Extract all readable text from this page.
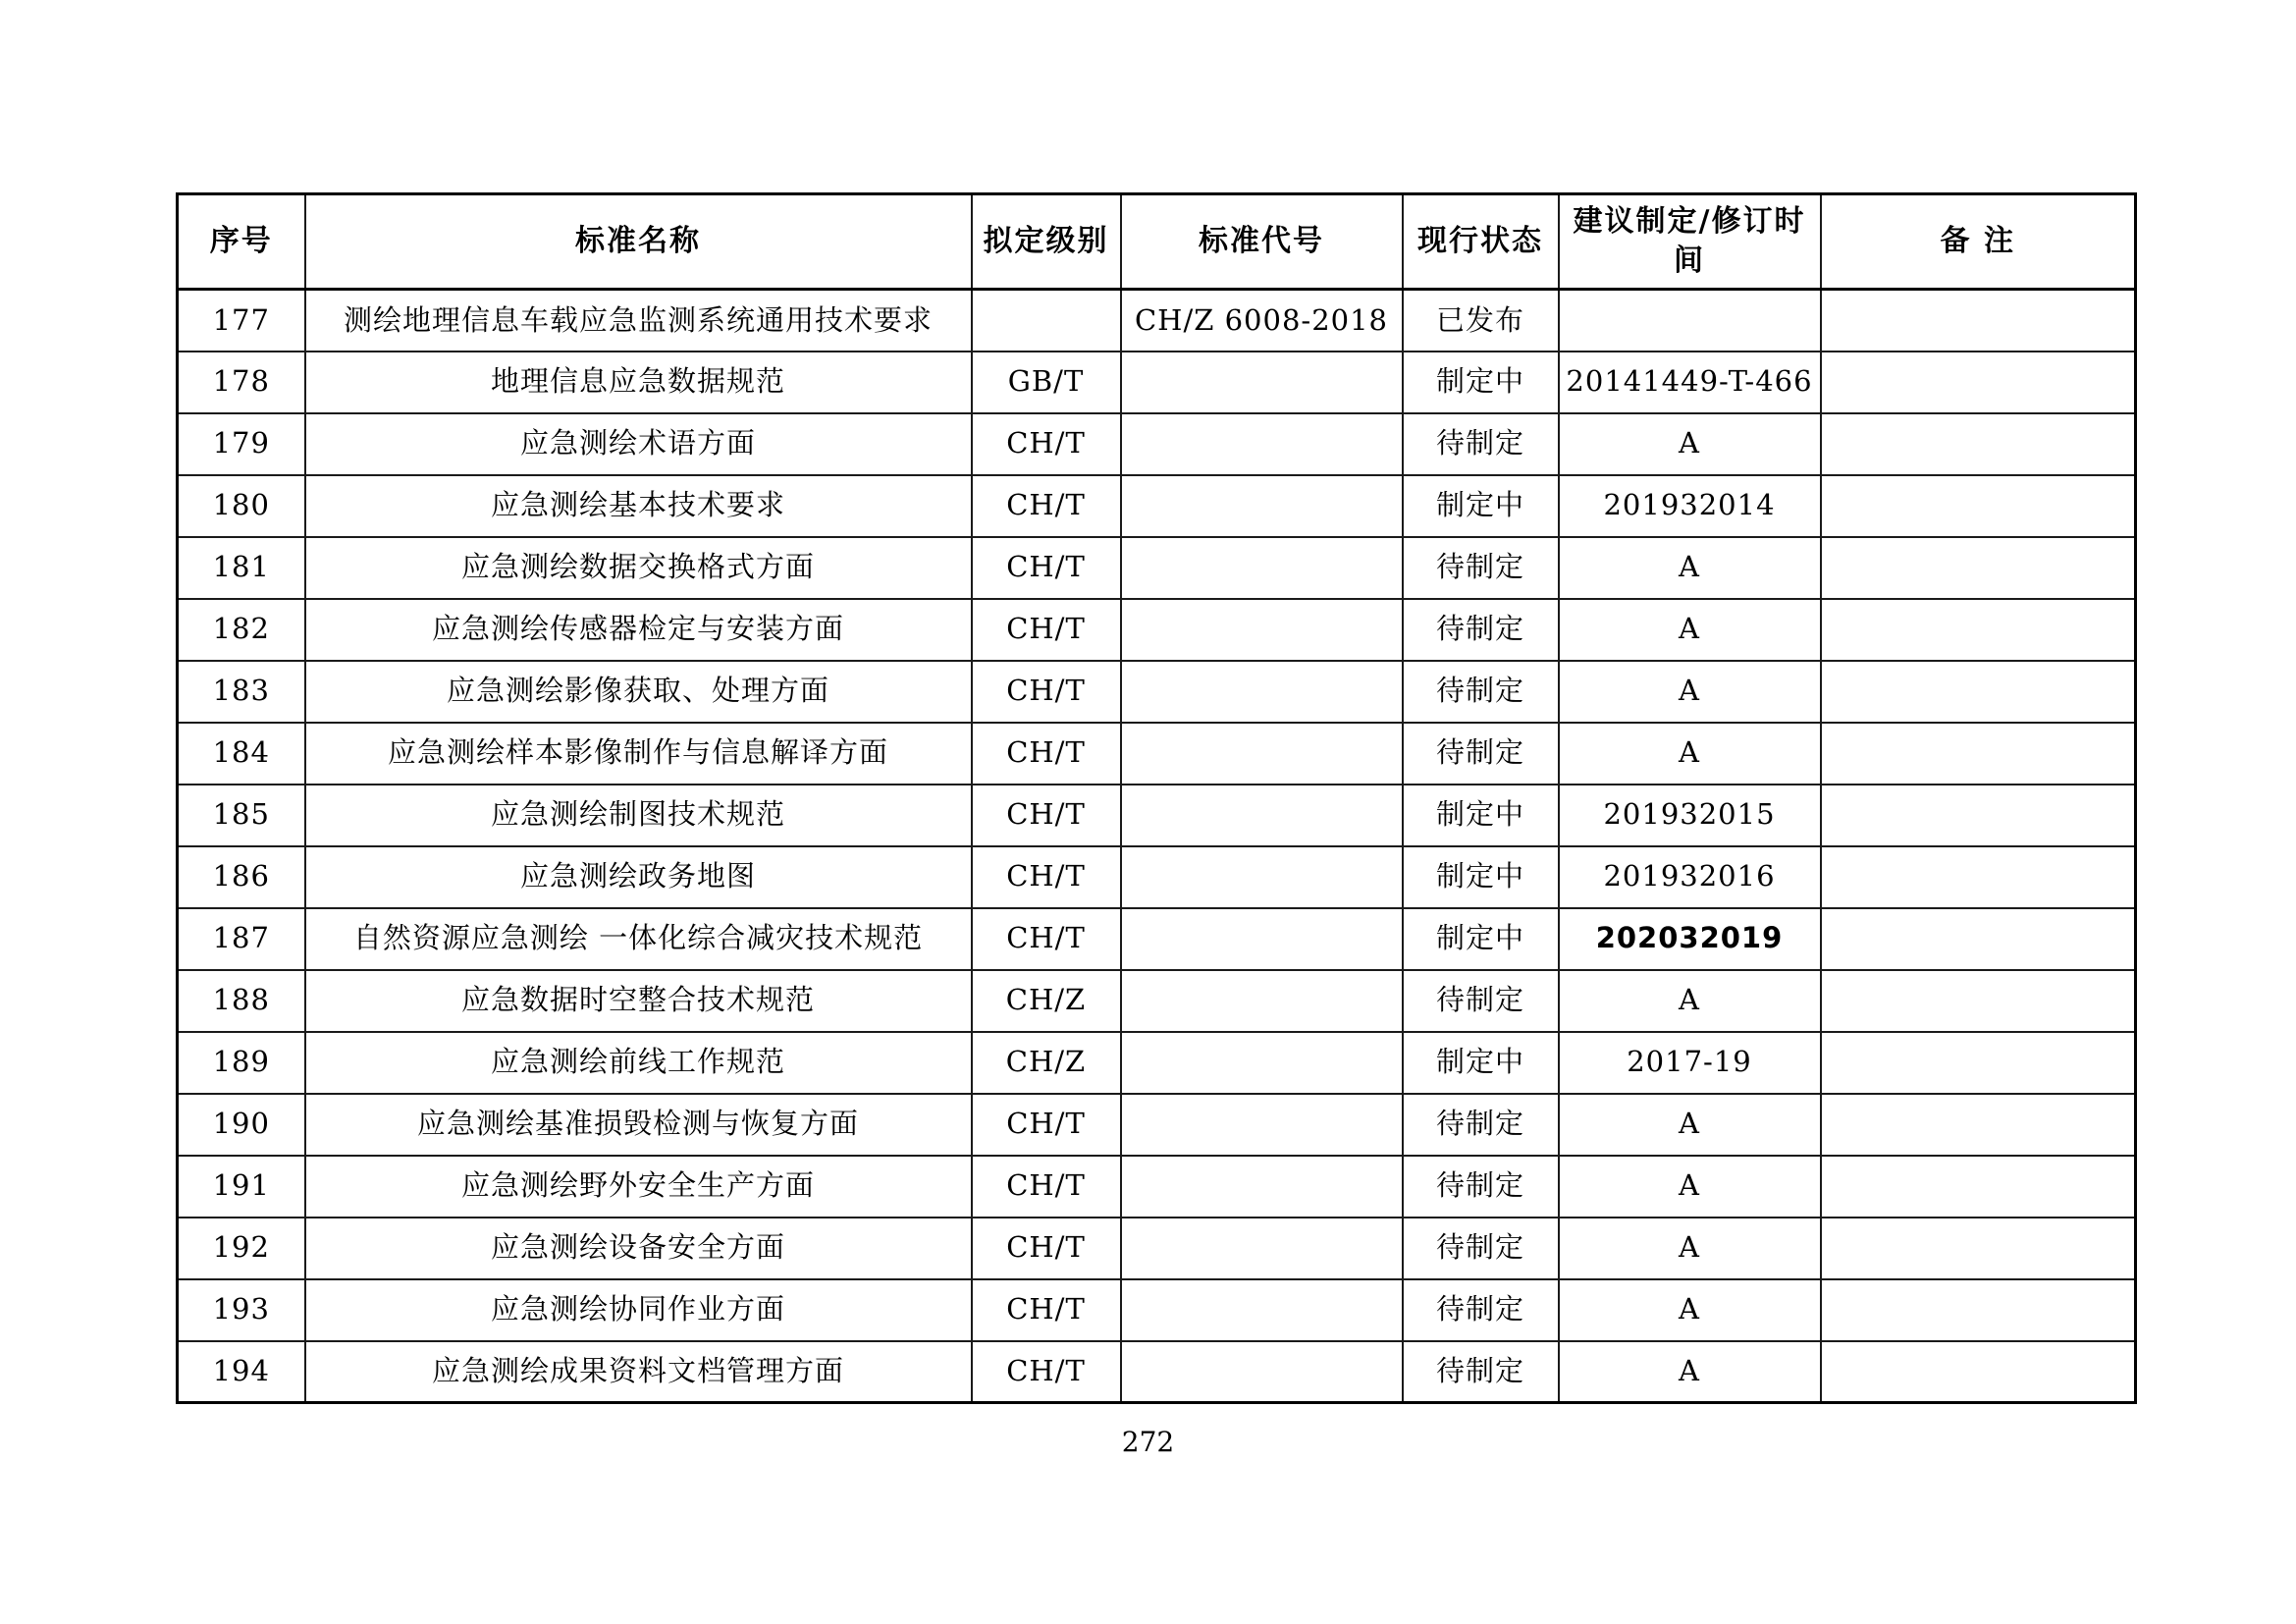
序号	标准名称	拟定级别	标准代号	现行状态	建议制定/修订时间	备 注
177	测绘地理信息车载应急监测系统通用技术要求		CH/Z 6008-2018	已发布		
178	地理信息应急数据规范	GB/T		制定中	20141449-T-466	
179	应急测绘术语方面	CH/T		待制定	A	
180	应急测绘基本技术要求	CH/T		制定中	201932014	
181	应急测绘数据交换格式方面	CH/T		待制定	A	
182	应急测绘传感器检定与安装方面	CH/T		待制定	A	
183	应急测绘影像获取、处理方面	CH/T		待制定	A	
184	应急测绘样本影像制作与信息解译方面	CH/T		待制定	A	
185	应急测绘制图技术规范	CH/T		制定中	201932015	
186	应急测绘政务地图	CH/T		制定中	201932016	
187	自然资源应急测绘 一体化综合减灾技术规范	CH/T		制定中	202032019	
188	应急数据时空整合技术规范	CH/Z		待制定	A	
189	应急测绘前线工作规范	CH/Z		制定中	2017-19	
190	应急测绘基准损毁检测与恢复方面	CH/T		待制定	A	
191	应急测绘野外安全生产方面	CH/T		待制定	A	
192	应急测绘设备安全方面	CH/T		待制定	A	
193	应急测绘协同作业方面	CH/T		待制定	A	
194	应急测绘成果资料文档管理方面	CH/T		待制定	A	
272
